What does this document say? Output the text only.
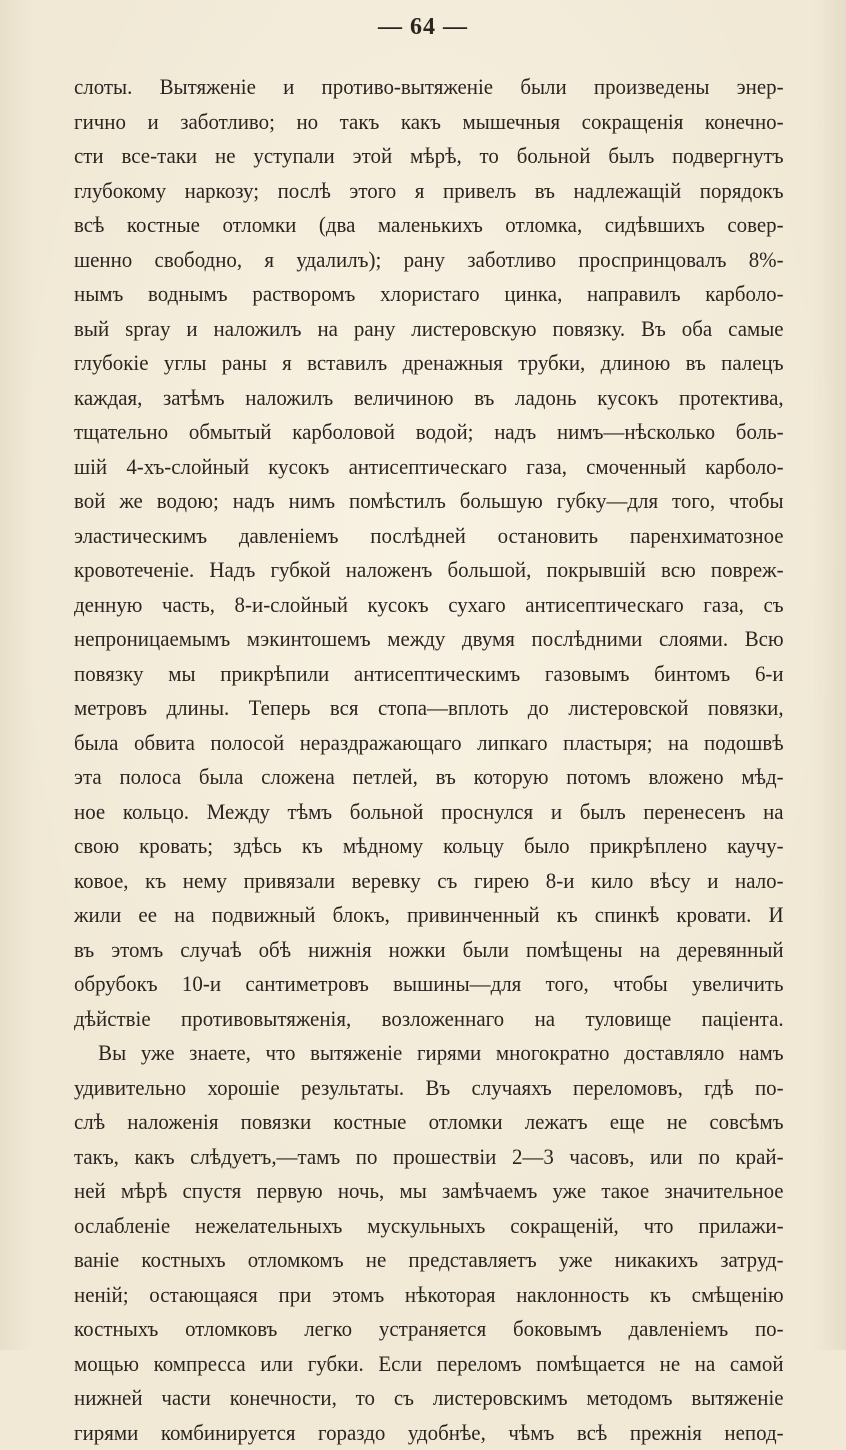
— 64 —
слоты. Вытяженіе и противо-вытяженіе были произведены энер-
гично и заботливо; но такъ какъ мышечныя сокращенія конечно-
сти все-таки не уступали этой мѣрѣ, то больной былъ подвергнутъ
глубокому наркозу; послѣ этого я привелъ въ надлежащій порядокъ
всѣ костные отломки (два маленькихъ отломка, сидѣвшихъ совер-
шенно свободно, я удалилъ); рану заботливо проспринцовалъ 8%-
нымъ воднымъ растворомъ хлористаго цинка, направилъ карболо-
вый spray и наложилъ на рану листеровскую повязку. Въ оба самые
глубокіе углы раны я вставилъ дренажныя трубки, длиною въ палецъ
каждая, затѣмъ наложилъ величиною въ ладонь кусокъ протектива,
тщательно обмытый карболовой водой; надъ нимъ—нѣсколько боль-
шій 4-хъ-слойный кусокъ антисептическаго газа, смоченный карболо-
вой же водою; надъ нимъ помѣстилъ большую губку—для того, чтобы
эластическимъ давленіемъ послѣдней остановить паренхиматозное
кровотеченіе. Надъ губкой наложенъ большой, покрывшій всю повреж-
денную часть, 8-и-слойный кусокъ сухаго антисептическаго газа, съ
непроницаемымъ мэкинтошемъ между двумя послѣдними слоями. Всю
повязку мы прикрѣпили антисептическимъ газовымъ бинтомъ 6-и
метровъ длины. Теперь вся стопа—вплоть до листеровской повязки,
была обвита полосой нераздражающаго липкаго пластыря; на подошвѣ
эта полоса была сложена петлей, въ которую потомъ вложено мѣд-
ное кольцо. Между тѣмъ больной проснулся и былъ перенесенъ на
свою кровать; здѣсь къ мѣдному кольцу было прикрѣплено каучу-
ковое, къ нему привязали веревку съ гирею 8-и кило вѣсу и нало-
жили ее на подвижный блокъ, привинченный къ спинкѣ кровати. И
въ этомъ случаѣ обѣ нижнія ножки были помѣщены на деревянный
обрубокъ 10-и сантиметровъ вышины—для того, чтобы увеличить
дѣйствіе противовытяженія, возложеннаго на туловище паціента.
Вы уже знаете, что вытяженіе гирями многократно доставляло намъ
удивительно хорошіе результаты. Въ случаяхъ переломовъ, гдѣ по-
слѣ наложенія повязки костные отломки лежатъ еще не совсѣмъ
такъ, какъ слѣдуетъ,—тамъ по прошествіи 2—3 часовъ, или по край-
ней мѣрѣ спустя первую ночь, мы замѣчаемъ уже такое значительное
ослабленіе нежелательныхъ мускульныхъ сокращеній, что прилажи-
ваніе костныхъ отломкомъ не представляетъ уже никакихъ затруд-
неній; остающаяся при этомъ нѣкоторая наклонность къ смѣщенію
костныхъ отломковъ легко устраняется боковымъ давленіемъ по-
мощью компресса или губки. Если переломъ помѣщается не на самой
нижней части конечности, то съ листеровскимъ методомъ вытяженіе
гирями комбинируется гораздо удобнѣе, чѣмъ всѣ прежнія непод-
